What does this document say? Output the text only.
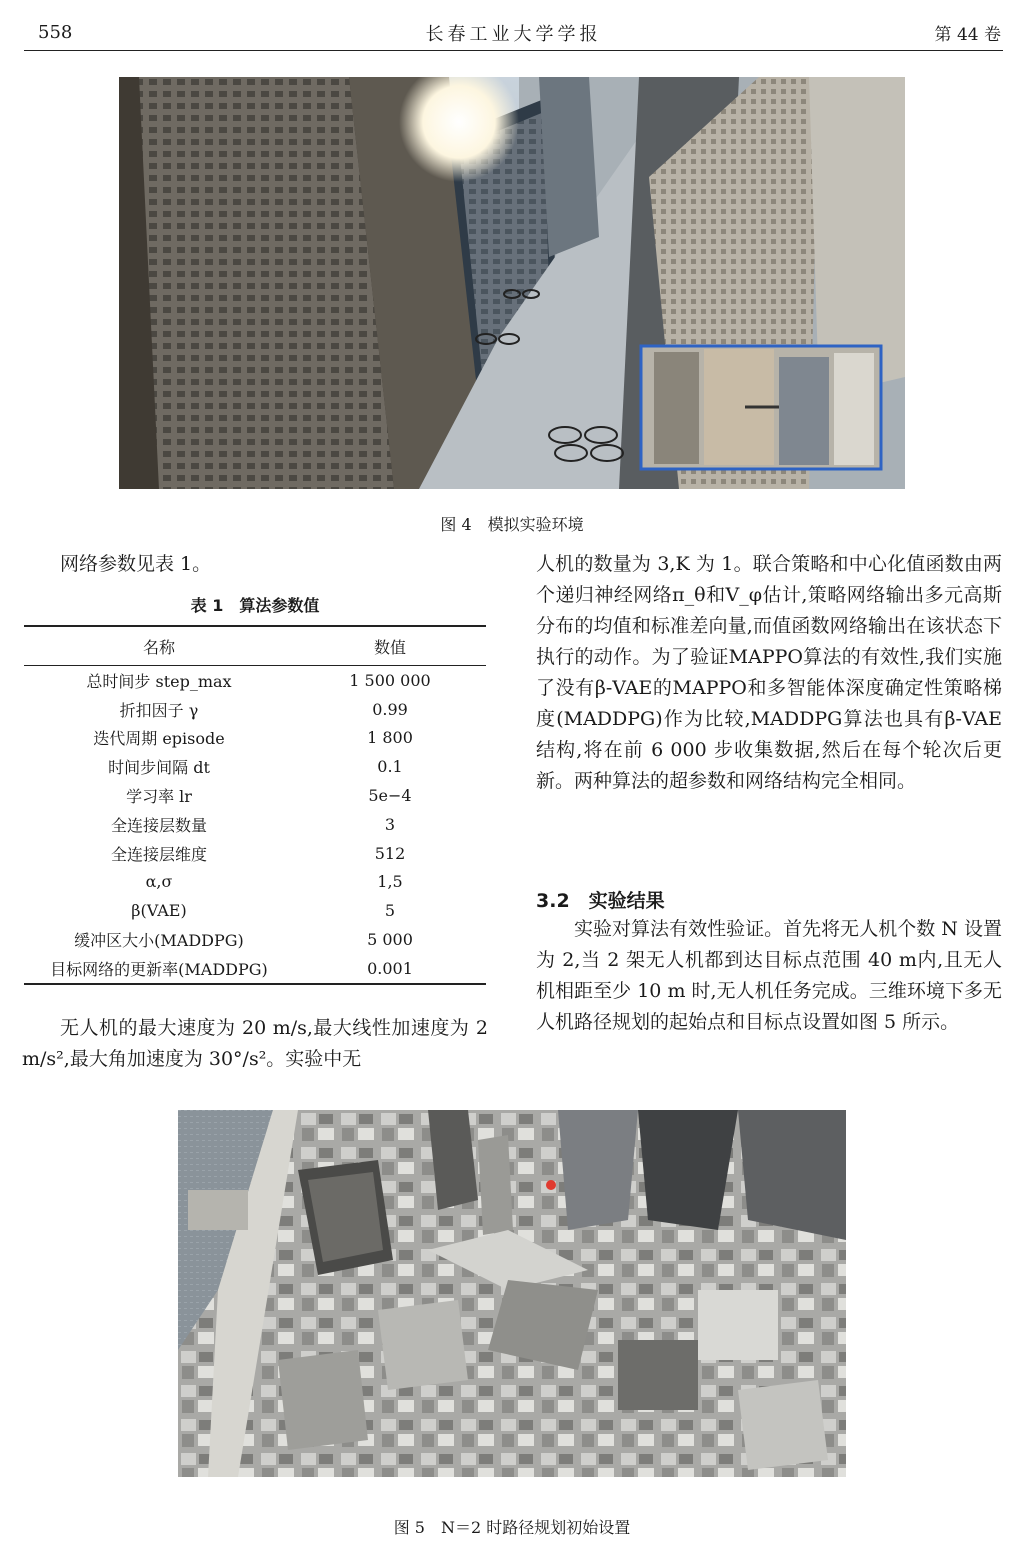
558	长春工业大学学报	第 44 卷
图 4　模拟实验环境
网络参数见表 1。
表 1　算法参数值
名称	数值
总时间步 step_max	1 500 000
折扣因子 γ	0.99
迭代周期 episode	1 800
时间步间隔 dt	0.1
学习率 lr	5e−4
全连接层数量	3
全连接层维度	512
α,σ	1,5
β(VAE)	5
缓冲区大小(MADDPG)	5 000
目标网络的更新率(MADDPG)	0.001
无人机的最大速度为 20 m/s,最大线性加速度为 2 m/s²,最大角加速度为 30°/s²。实验中无
人机的数量为 3,K 为 1。联合策略和中心化值函数由两个递归神经网络π_θ和V_φ估计,策略网络输出多元高斯分布的均值和标准差向量,而值函数网络输出在该状态下执行的动作。为了验证MAPPO算法的有效性,我们实施了没有β-VAE的MAPPO和多智能体深度确定性策略梯度(MADDPG)作为比较,MADDPG算法也具有β-VAE结构,将在前 6 000 步收集数据,然后在每个轮次后更新。两种算法的超参数和网络结构完全相同。
3.2　实验结果
实验对算法有效性验证。首先将无人机个数 N 设置为 2,当 2 架无人机都到达目标点范围 40 m内,且无人机相距至少 10 m 时,无人机任务完成。三维环境下多无人机路径规划的起始点和目标点设置如图 5 所示。
图 5　N＝2 时路径规划初始设置
